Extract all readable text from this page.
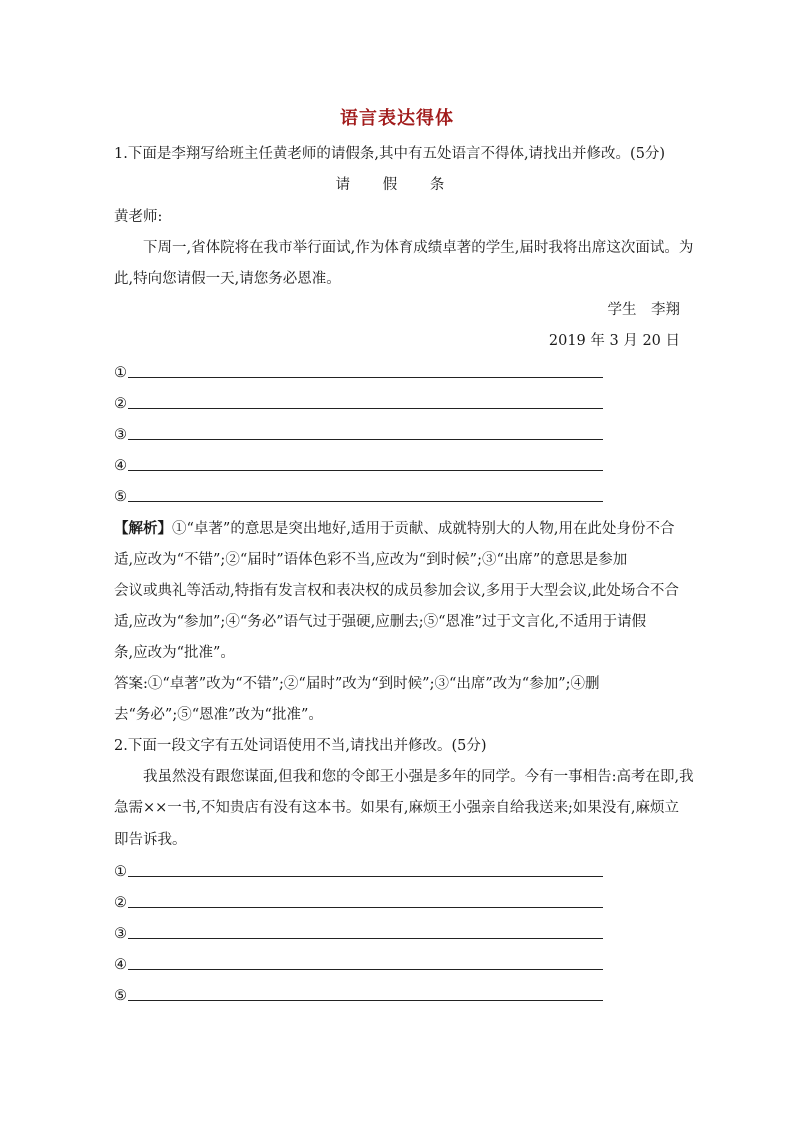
语言表达得体
1.下面是李翔写给班主任黄老师的请假条,其中有五处语言不得体,请找出并修改。(5分)
请 假 条
黄老师:
下周一,省体院将在我市举行面试,作为体育成绩卓著的学生,届时我将出席这次面试。为
此,特向您请假一天,请您务必恩准。
学生　李翔
2019 年 3 月 20 日
①
②
③
④
⑤
【解析】①“卓著”的意思是突出地好,适用于贡献、成就特别大的人物,用在此处身份不合
适,应改为“不错”;②“届时”语体色彩不当,应改为“到时候”;③“出席”的意思是参加
会议或典礼等活动,特指有发言权和表决权的成员参加会议,多用于大型会议,此处场合不合
适,应改为“参加”;④“务必”语气过于强硬,应删去;⑤“恩准”过于文言化,不适用于请假
条,应改为“批准”。
答案:①“卓著”改为“不错”;②“届时”改为“到时候”;③“出席”改为“参加”;④删
去“务必”;⑤“恩准”改为“批准”。
2.下面一段文字有五处词语使用不当,请找出并修改。(5分)
我虽然没有跟您谋面,但我和您的令郎王小强是多年的同学。今有一事相告:高考在即,我
急需××一书,不知贵店有没有这本书。如果有,麻烦王小强亲自给我送来;如果没有,麻烦立
即告诉我。
①
②
③
④
⑤
